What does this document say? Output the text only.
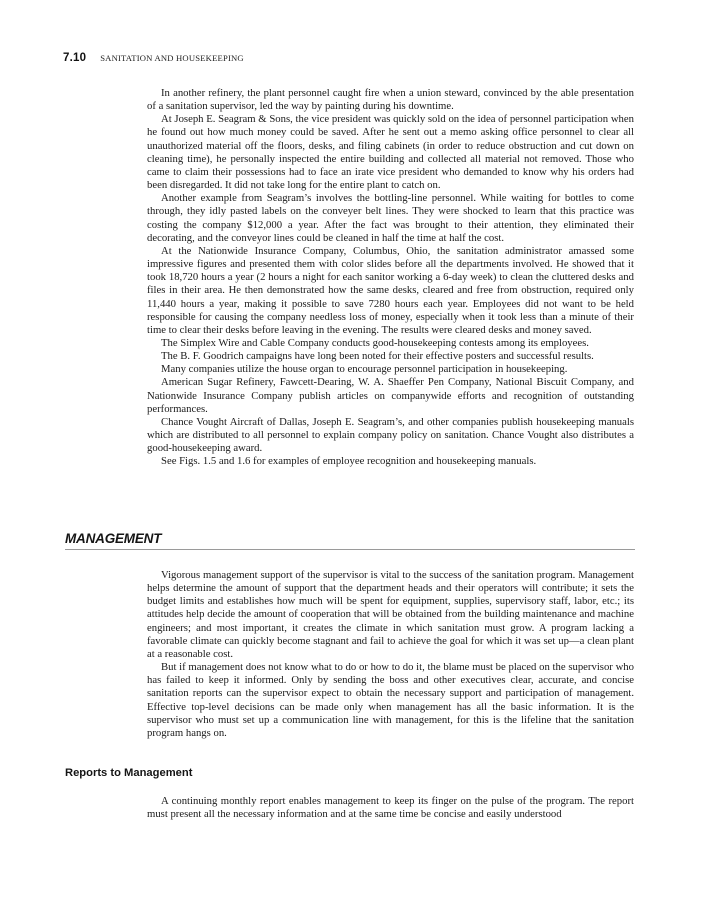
7.10 SANITATION AND HOUSEKEEPING

In another refinery, the plant personnel caught fire when a union steward, convinced by the able presentation of a sanitation supervisor, led the way by painting during his downtime.

At Joseph E. Seagram & Sons, the vice president was quickly sold on the idea of personnel participation when he found out how much money could be saved. After he sent out a memo asking office personnel to clear all unauthorized material off the floors, desks, and filing cabinets (in order to reduce obstruction and cut down on cleaning time), he personally inspected the entire building and collected all material not removed. Those who came to claim their possessions had to face an irate vice president who demanded to know why his orders had been disregarded. It did not take long for the entire plant to catch on.

Another example from Seagram’s involves the bottling-line personnel. While waiting for bottles to come through, they idly pasted labels on the conveyer belt lines. They were shocked to learn that this practice was costing the company $12,000 a year. After the fact was brought to their attention, they eliminated their decorating, and the conveyor lines could be cleaned in half the time at half the cost.

At the Nationwide Insurance Company, Columbus, Ohio, the sanitation administrator amassed some impressive figures and presented them with color slides before all the departments involved. He showed that it took 18,720 hours a year (2 hours a night for each sanitor working a 6-day week) to clean the cluttered desks and files in their area. He then demonstrated how the same desks, cleared and free from obstruction, required only 11,440 hours a year, making it possible to save 7280 hours each year. Employees did not want to be held responsible for causing the company needless loss of money, especially when it took less than a minute of their time to clear their desks before leaving in the evening. The results were cleared desks and money saved.

The Simplex Wire and Cable Company conducts good-housekeeping contests among its employees.

The B. F. Goodrich campaigns have long been noted for their effective posters and successful results.

Many companies utilize the house organ to encourage personnel participation in housekeeping.

American Sugar Refinery, Fawcett-Dearing, W. A. Shaeffer Pen Company, National Biscuit Company, and Nationwide Insurance Company publish articles on companywide efforts and recognition of outstanding performances.

Chance Vought Aircraft of Dallas, Joseph E. Seagram’s, and other companies publish housekeeping manuals which are distributed to all personnel to explain company policy on sanitation. Chance Vought also distributes a good-housekeeping award.

See Figs. 1.5 and 1.6 for examples of employee recognition and housekeeping manuals.

MANAGEMENT

Vigorous management support of the supervisor is vital to the success of the sanitation program. Management helps determine the amount of support that the department heads and their operators will contribute; it sets the budget limits and establishes how much will be spent for equipment, supplies, supervisory staff, labor, etc.; its attitudes help decide the amount of cooperation that will be obtained from the building maintenance and machine engineers; and most important, it creates the climate in which sanitation must grow. A program lacking a favorable climate can quickly become stagnant and fail to achieve the goal for which it was set up—a clean plant at a reasonable cost.

But if management does not know what to do or how to do it, the blame must be placed on the supervisor who has failed to keep it informed. Only by sending the boss and other executives clear, accurate, and concise sanitation reports can the supervisor expect to obtain the necessary support and participation of management. Effective top-level decisions can be made only when management has all the basic information. It is the supervisor who must set up a communication line with management, for this is the lifeline that the sanitation program hangs on.

Reports to Management

A continuing monthly report enables management to keep its finger on the pulse of the program. The report must present all the necessary information and at the same time be concise and easily understood
